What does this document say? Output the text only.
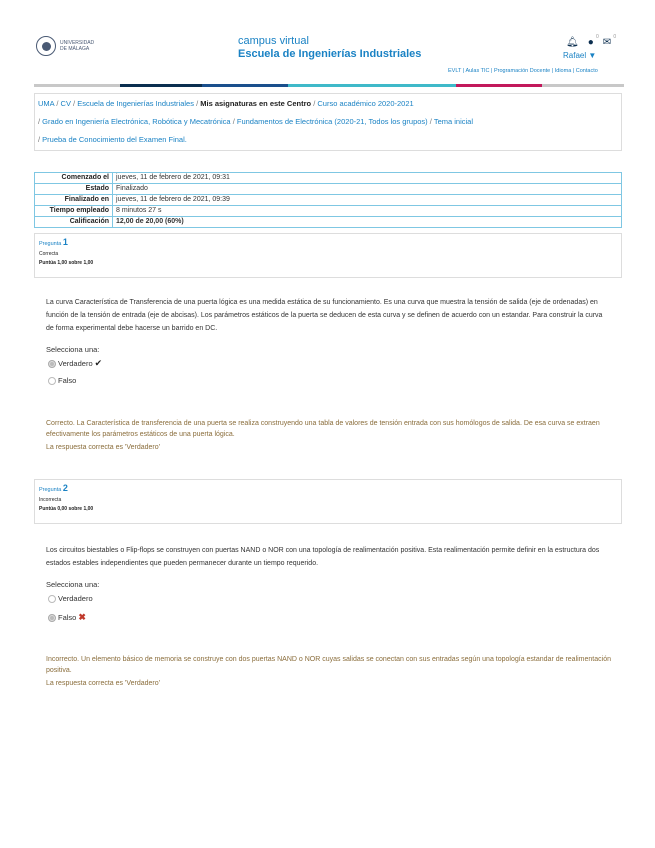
UNIVERSIDAD
DE MÁLAGA
campus virtual
Escuela de Ingenierías Industriales
🔔︎ ● 0 ✉ 0
Rafael ▼
EVLT | Aulas TIC | Programación Docente | Idioma | Contacto
UMA / CV / Escuela de Ingenierías Industriales / Mis asignaturas en este Centro / Curso académico 2020-2021
/ Grado en Ingeniería Electrónica, Robótica y Mecatrónica / Fundamentos de Electrónica (2020-21, Todos los grupos) / Tema inicial
/ Prueba de Conocimiento del Examen Final.
Comenzado el	jueves, 11 de febrero de 2021, 09:31
Estado	Finalizado
Finalizado en	jueves, 11 de febrero de 2021, 09:39
Tiempo empleado	8 minutos 27 s
Calificación	12,00 de 20,00 (60%)
Pregunta 1
Correcta
Puntúa 1,00 sobre 1,00
La curva Característica de Transferencia de una puerta lógica es una medida estática de su funcionamiento. Es una curva que muestra la tensión de salida (eje de ordenadas) en función de la tensión de entrada (eje de abcisas). Los parámetros estáticos de la puerta se deducen de esta curva y se definen de acuerdo con un estandar. Para construir la curva de forma experimental debe hacerse un barrido en DC.
Selecciona una:
Verdadero ✔
Falso
Correcto. La Característica de transferencia de una puerta se realiza construyendo una tabla de valores de tensión entrada con sus homólogos de salida. De esa curva se extraen efectivamente los parámetros estáticos de una puerta lógica.
La respuesta correcta es 'Verdadero'
Pregunta 2
Incorrecta
Puntúa 0,00 sobre 1,00
Los circuitos biestables o Flip-flops se construyen con puertas NAND o NOR con una topología de realimentación positiva. Esta realimentación permite definir en la estructura dos estados estables independientes que pueden permanecer durante un tiempo requerido.
Selecciona una:
Verdadero
Falso ✖
Incorrecto. Un elemento básico de memoria se construye con dos puertas NAND o NOR cuyas salidas se conectan con sus entradas según una topología estandar de realimentación positiva.
La respuesta correcta es 'Verdadero'
